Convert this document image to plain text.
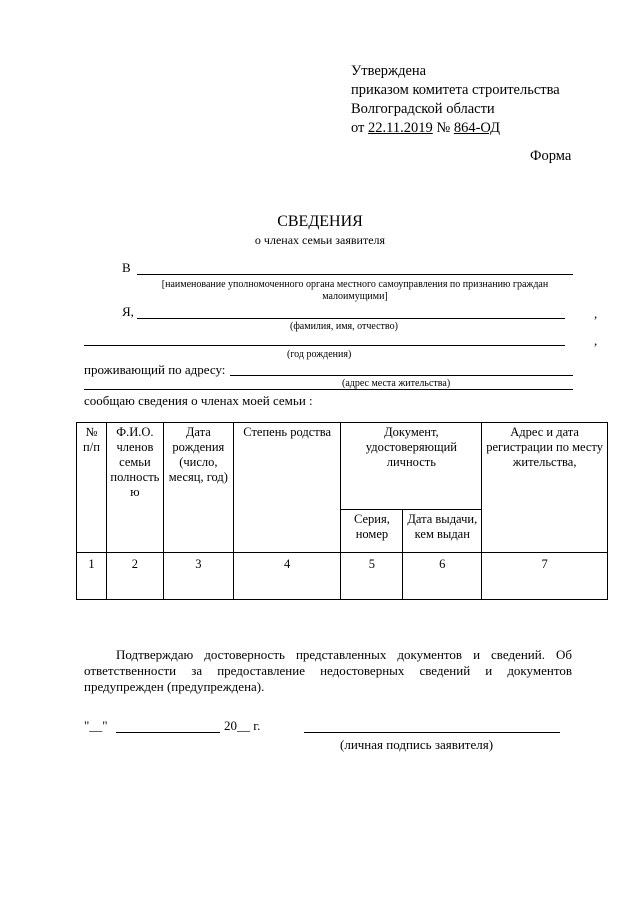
Утверждена
приказом комитета строительства
Волгоградской области
от 22.11.2019 № 864-ОД
Форма
СВЕДЕНИЯ
о членах семьи заявителя
В
[наименование уполномоченного органа местного самоуправления по признанию граждан малоимущими]
Я,	,
(фамилия, имя, отчество)
,
(год рождения)
проживающий по адресу:
(адрес места жительства)
сообщаю сведения о членах моей семьи :
№ п/п	Ф.И.О. членов семьи полность ю	Дата рождения (число, месяц, год)	Степень родства	Документ, удостоверяющий личность		Адрес и дата регистрации по месту жительства,
				Серия, номер	Дата выдачи, кем выдан	
1	2	3	4	5	6	7

Подтверждаю достоверность представленных документов и сведений. Об ответственности за предоставление недостоверных сведений и документов предупрежден (предупреждена).

"__"	20__ г.
(личная подпись заявителя)
